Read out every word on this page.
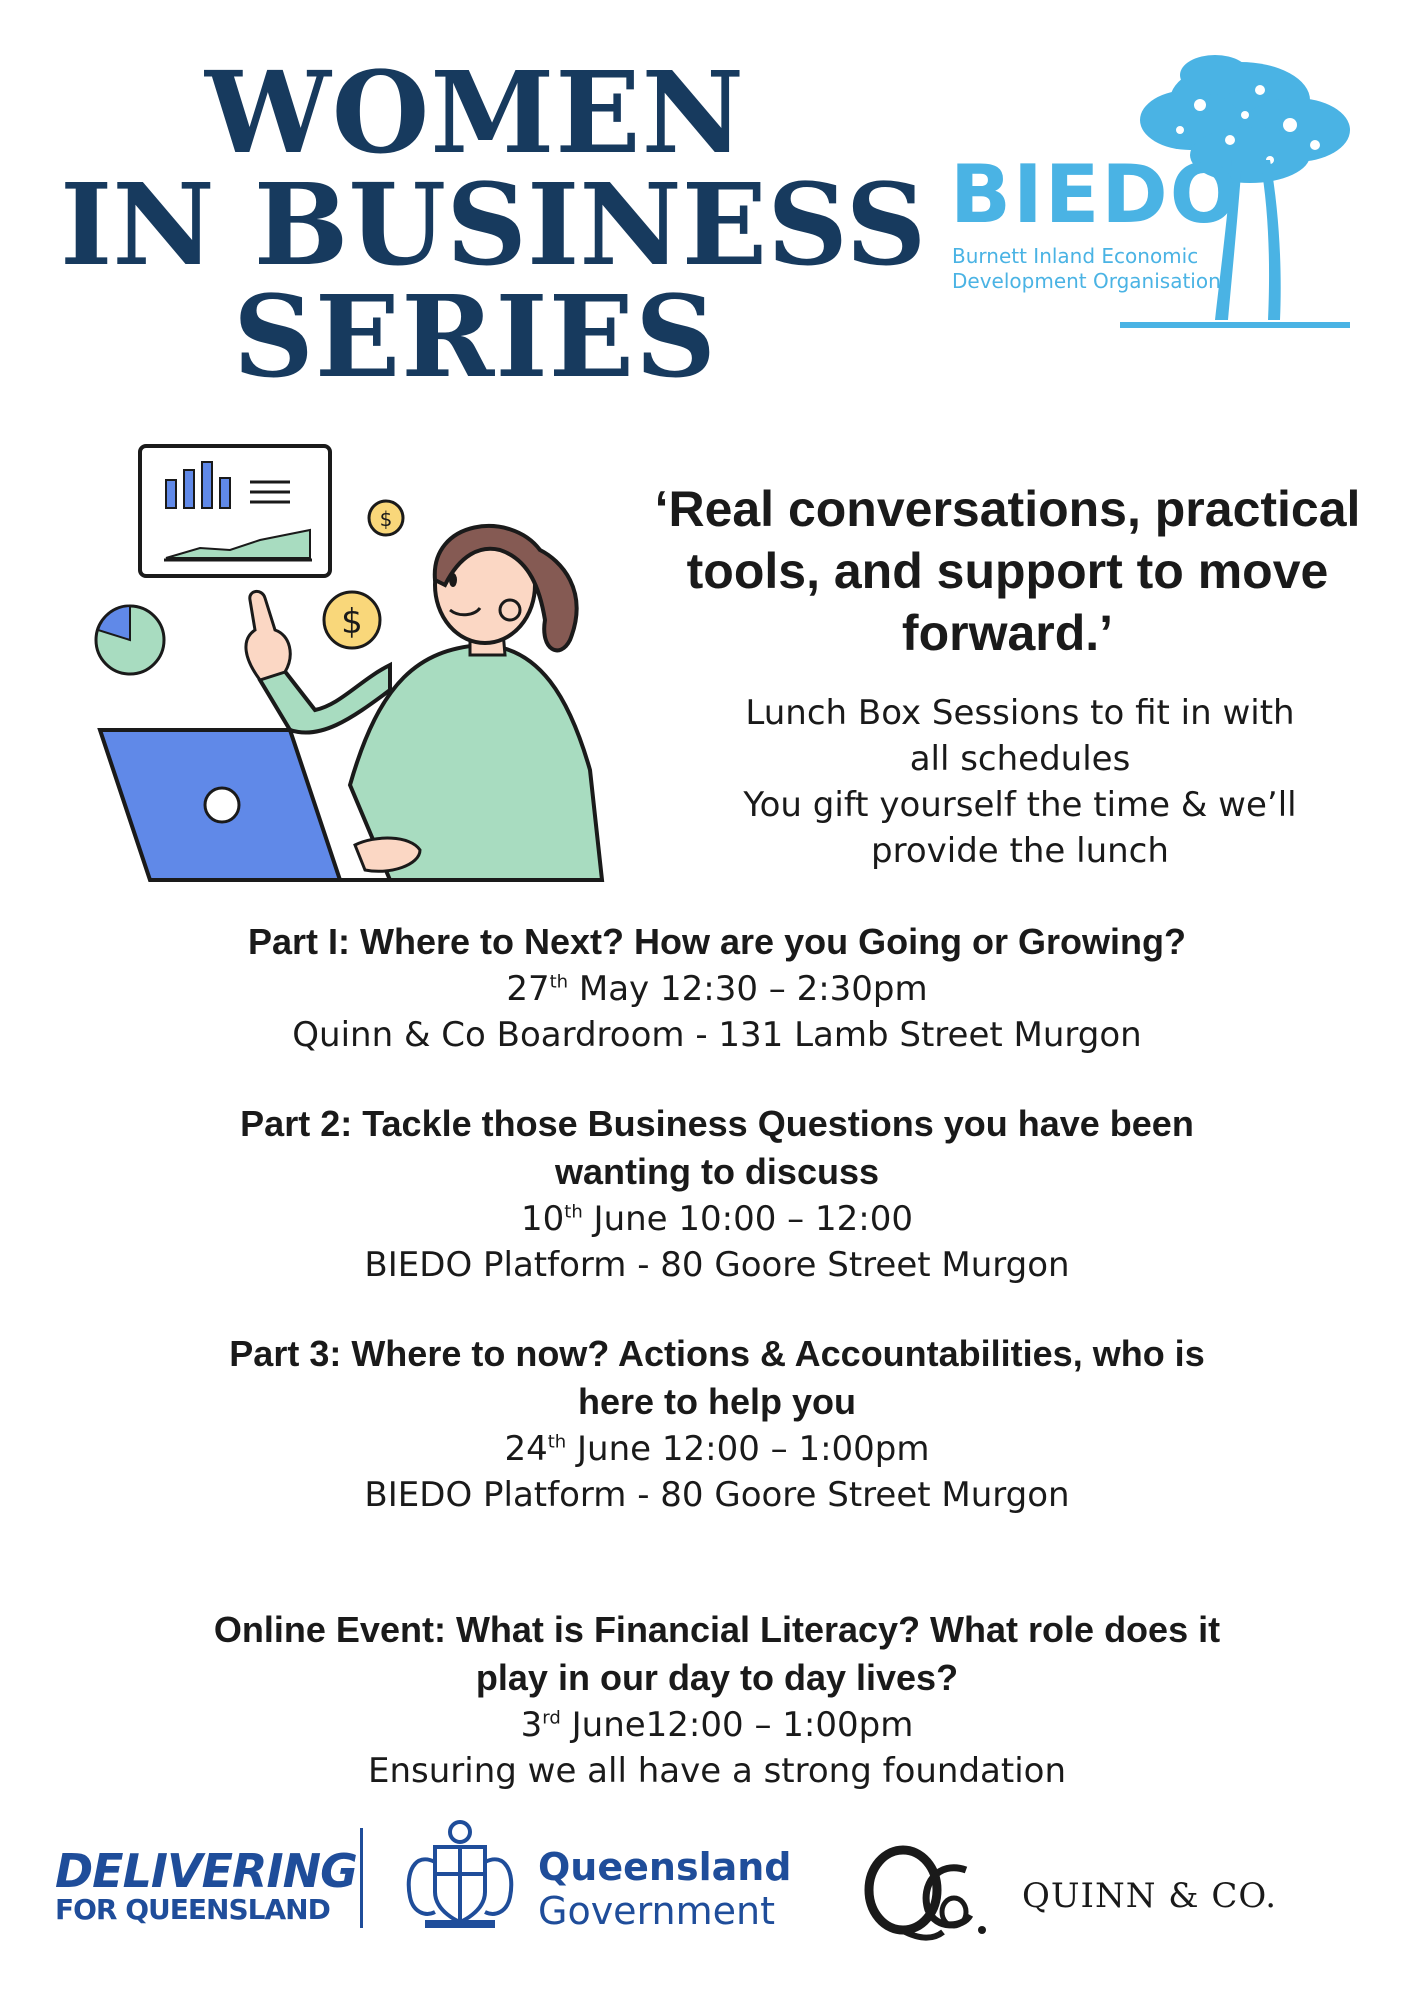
WOMEN
IN BUSINESS
SERIES
BIEDO
Burnett Inland Economic
Development Organisation
$
$
‘Real conversations, practical
tools, and support to move
forward.’
Lunch Box Sessions to fit in with
all schedules
You gift yourself the time & we’ll
provide the lunch
Part I: Where to Next? How are you Going or Growing?
27th May 12:30 – 2:30pm
Quinn & Co Boardroom - 131 Lamb Street Murgon
Part 2: Tackle those Business Questions you have been
wanting to discuss
10th June 10:00 – 12:00
BIEDO Platform - 80 Goore Street Murgon
Part 3: Where to now? Actions & Accountabilities, who is
here to help you
24th June 12:00 – 1:00pm
BIEDO Platform - 80 Goore Street Murgon
Online Event: What is Financial Literacy? What role does it
play in our day to day lives?
3rd June12:00 – 1:00pm
Ensuring we all have a strong foundation
DELIVERING
FOR QUEENSLAND
Queensland
Government	QUINN & CO.
